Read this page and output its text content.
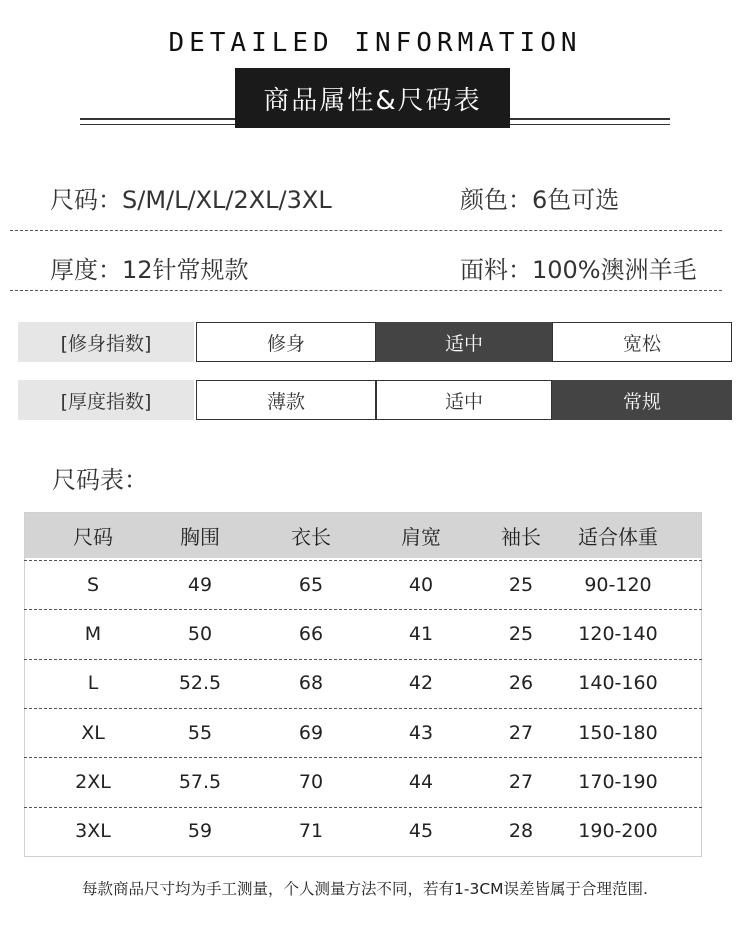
DETAILED INFORMATION
商品属性&尺码表
尺码：S/M/L/XL/2XL/3XL	颜色：6色可选
厚度：12针常规款	面料：100%澳洲羊毛
[修身指数]	修身	适中	宽松
[厚度指数]	薄款	适中	常规
尺码表：
尺码	胸围	衣长	肩宽	袖长	适合体重
S	49	65	40	25	90-120
M	50	66	41	25	120-140
L	52.5	68	42	26	140-160
XL	55	69	43	27	150-180
2XL	57.5	70	44	27	170-190
3XL	59	71	45	28	190-200
每款商品尺寸均为手工测量，个人测量方法不同，若有1-3CM误差皆属于合理范围.
